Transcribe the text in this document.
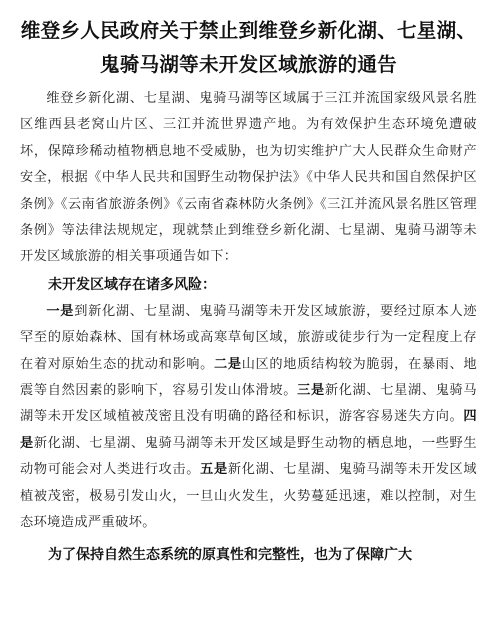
维登乡人民政府关于禁止到维登乡新化湖、七星湖、鬼骑马湖等未开发区域旅游的通告

维登乡新化湖、七星湖、鬼骑马湖等区域属于三江并流国家级风景名胜区维西县老窝山片区、三江并流世界遗产地。为有效保护生态环境免遭破坏，保障珍稀动植物栖息地不受威胁，也为切实维护广大人民群众生命财产安全，根据《中华人民共和国野生动物保护法》《中华人民共和国自然保护区条例》《云南省旅游条例》《云南省森林防火条例》《三江并流风景名胜区管理条例》等法律法规规定，现就禁止到维登乡新化湖、七星湖、鬼骑马湖等未开发区域旅游的相关事项通告如下：

未开发区域存在诸多风险：

一是到新化湖、七星湖、鬼骑马湖等未开发区域旅游，要经过原本人迹罕至的原始森林、国有林场或高寒草甸区域，旅游或徒步行为一定程度上存在着对原始生态的扰动和影响。二是山区的地质结构较为脆弱，在暴雨、地震等自然因素的影响下，容易引发山体滑坡。三是新化湖、七星湖、鬼骑马湖等未开发区域植被茂密且没有明确的路径和标识，游客容易迷失方向。四是新化湖、七星湖、鬼骑马湖等未开发区域是野生动物的栖息地，一些野生动物可能会对人类进行攻击。五是新化湖、七星湖、鬼骑马湖等未开发区域植被茂密，极易引发山火，一旦山火发生，火势蔓延迅速，难以控制，对生态环境造成严重破坏。

为了保持自然生态系统的原真性和完整性，也为了保障广大
